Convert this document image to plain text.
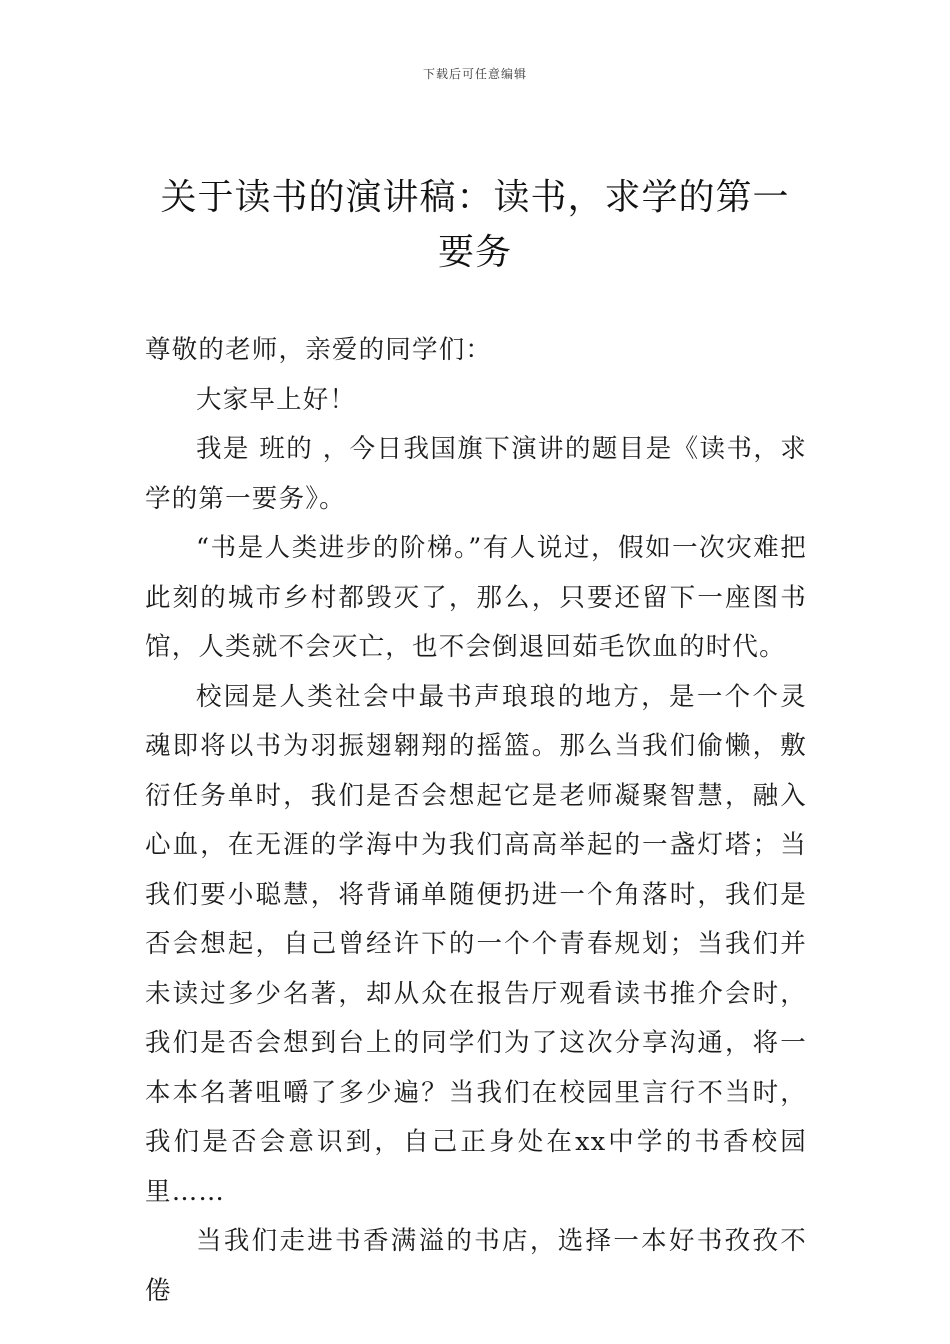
下载后可任意编辑
关于读书的演讲稿：读书，求学的第一要务

尊敬的老师，亲爱的同学们：

大家早上好！

我是 班的 ，今日我国旗下演讲的题目是《读书，求学的第一要务》。

“书是人类进步的阶梯。”有人说过，假如一次灾难把此刻的城市乡村都毁灭了，那么，只要还留下一座图书馆，人类就不会灭亡，也不会倒退回茹毛饮血的时代。

校园是人类社会中最书声琅琅的地方，是一个个灵魂即将以书为羽振翅翱翔的摇篮。那么当我们偷懒，敷衍任务单时，我们是否会想起它是老师凝聚智慧，融入心血，在无涯的学海中为我们高高举起的一盏灯塔；当我们要小聪慧，将背诵单随便扔进一个角落时，我们是否会想起，自己曾经许下的一个个青春规划；当我们并未读过多少名著，却从众在报告厅观看读书推介会时，我们是否会想到台上的同学们为了这次分享沟通，将一本本名著咀嚼了多少遍？当我们在校园里言行不当时，我们是否会意识到，自己正身处在xx中学的书香校园里……

当我们走进书香满溢的书店，选择一本好书孜孜不倦
